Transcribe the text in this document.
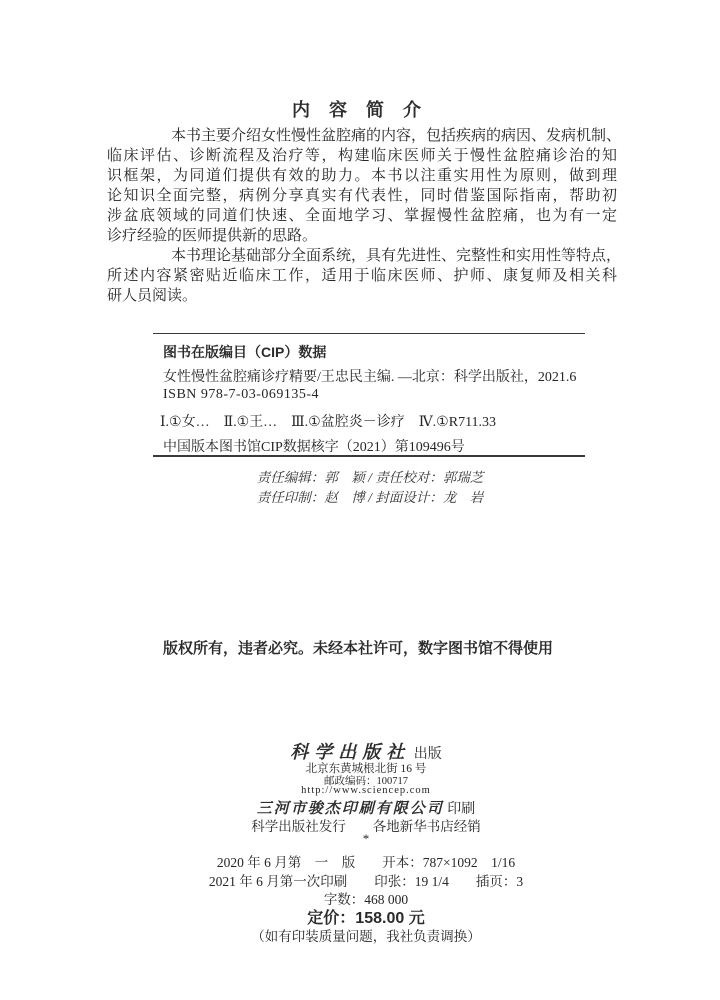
内 容 简 介
本书主要介绍女性慢性盆腔痛的内容，包括疾病的病因、发病机制、
临床评估、诊断流程及治疗等，构建临床医师关于慢性盆腔痛诊治的知
识框架，为同道们提供有效的助力。本书以注重实用性为原则，做到理
论知识全面完整，病例分享真实有代表性，同时借鉴国际指南，帮助初
涉盆底领域的同道们快速、全面地学习、掌握慢性盆腔痛，也为有一定
诊疗经验的医师提供新的思路。
本书理论基础部分全面系统，具有先进性、完整性和实用性等特点，
所述内容紧密贴近临床工作，适用于临床医师、护师、康复师及相关科
研人员阅读。
图书在版编目（CIP）数据
女性慢性盆腔痛诊疗精要/王忠民主编. —北京：科学出版社，2021.6
ISBN 978-7-03-069135-4
Ⅰ.①女…　Ⅱ.①王…　Ⅲ.①盆腔炎－诊疗　Ⅳ.①R711.33
中国版本图书馆CIP数据核字（2021）第109496号
责任编辑：郭　颖 / 责任校对：郭瑞芝
责任印制：赵　博 / 封面设计：龙　岩
版权所有，违者必究。未经本社许可，数字图书馆不得使用
科学出版社 出版
北京东黄城根北街 16 号
邮政编码：100717
http://www.sciencep.com
三河市骏杰印刷有限公司 印刷
科学出版社发行　　各地新华书店经销
*
2020 年 6 月第　一　版　　开本：787×1092　1/16
2021 年 6 月第一次印刷　　印张：19 1/4　　插页：3
字数：468 000
定价：158.00 元
（如有印装质量问题，我社负责调换）
